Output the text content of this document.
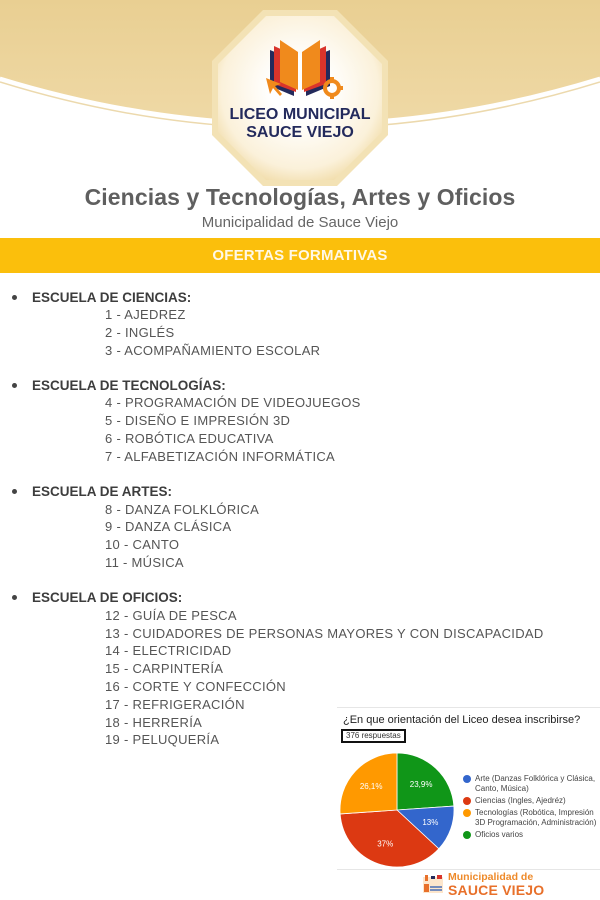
LICEO MUNICIPAL
SAUCE VIEJO
Ciencias y Tecnologías, Artes y Oficios
Municipalidad de Sauce Viejo
OFERTAS FORMATIVAS
ESCUELA DE CIENCIAS:
1 - AJEDREZ
2 - INGLÉS
3 - ACOMPAÑAMIENTO ESCOLAR
ESCUELA DE TECNOLOGÍAS:
4 - PROGRAMACIÓN DE VIDEOJUEGOS
5 - DISEÑO E IMPRESIÓN 3D
6 - ROBÓTICA EDUCATIVA
7 - ALFABETIZACIÓN INFORMÁTICA
ESCUELA DE ARTES:
8 - DANZA FOLKLÓRICA
9 - DANZA CLÁSICA
10 - CANTO
11 - MÚSICA
ESCUELA DE OFICIOS:
12 - GUÍA DE PESCA
13 - CUIDADORES DE PERSONAS MAYORES Y CON DISCAPACIDAD
14 - ELECTRICIDAD
15 - CARPINTERÍA
16 - CORTE Y CONFECCIÓN
17 - REFRIGERACIÓN
18 - HERRERÍA
19 - PELUQUERÍA
¿En que orientación del Liceo desea inscribirse?
376 respuestas
23,9%
13%
37%
26,1%
Arte (Danzas Folklórica y Clásica, Canto, Música)
Ciencias (Ingles, Ajedréz)
Tecnologías (Robótica, Impresión 3D Programación, Administración)
Oficios varios
Municipalidad de
SAUCE VIEJO
